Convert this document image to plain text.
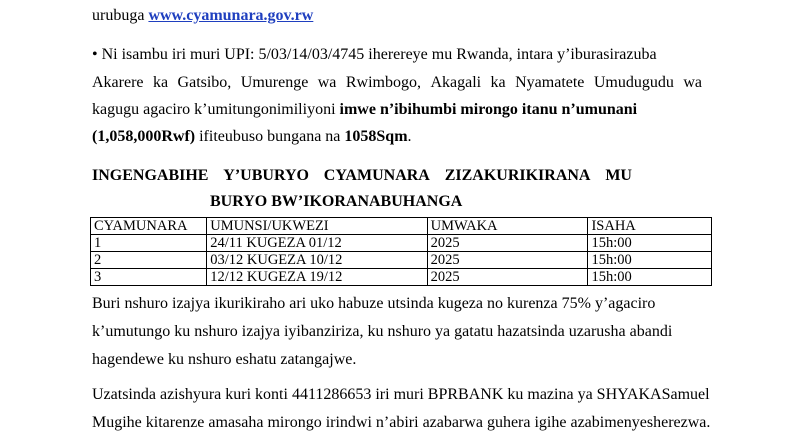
urubuga www.cyamunara.gov.rw
• Ni isambu iri muri UPI: 5/03/14/03/4745 iherereye mu Rwanda, intara y’iburasirazuba
Akarere ka Gatsibo, Umurenge wa Rwimbogo, Akagali ka Nyamatete Umudugudu wa
kagugu agaciro k’umitungonimiliyoni imwe n’ibihumbi mirongo itanu n’umunani
(1,058,000Rwf) ifiteubuso bungana na 1058Sqm.
INGENGABIHE Y’UBURYO CYAMUNARA ZIZAKURIKIRANA MU
BURYO BW’IKORANABUHANGA
CYAMUNARA	UMUNSI/UKWEZI	UMWAKA	ISAHA
1	24/11 KUGEZA 01/12	2025	15h:00
2	03/12 KUGEZA 10/12	2025	15h:00
3	12/12 KUGEZA 19/12	2025	15h:00
Buri nshuro izajya ikurikiraho ari uko habuze utsinda kugeza no kurenza 75% y’agaciro
k’umutungo ku nshuro izajya iyibanziriza, ku nshuro ya gatatu hazatsinda uzarusha abandi
hagendewe ku nshuro eshatu zatangajwe.
Uzatsinda azishyura kuri konti 4411286653 iri muri BPRBANK ku mazina ya SHYAKASamuel
Mugihe kitarenze amasaha mirongo irindwi n’abiri azabarwa guhera igihe azabimenyesherezwa.
